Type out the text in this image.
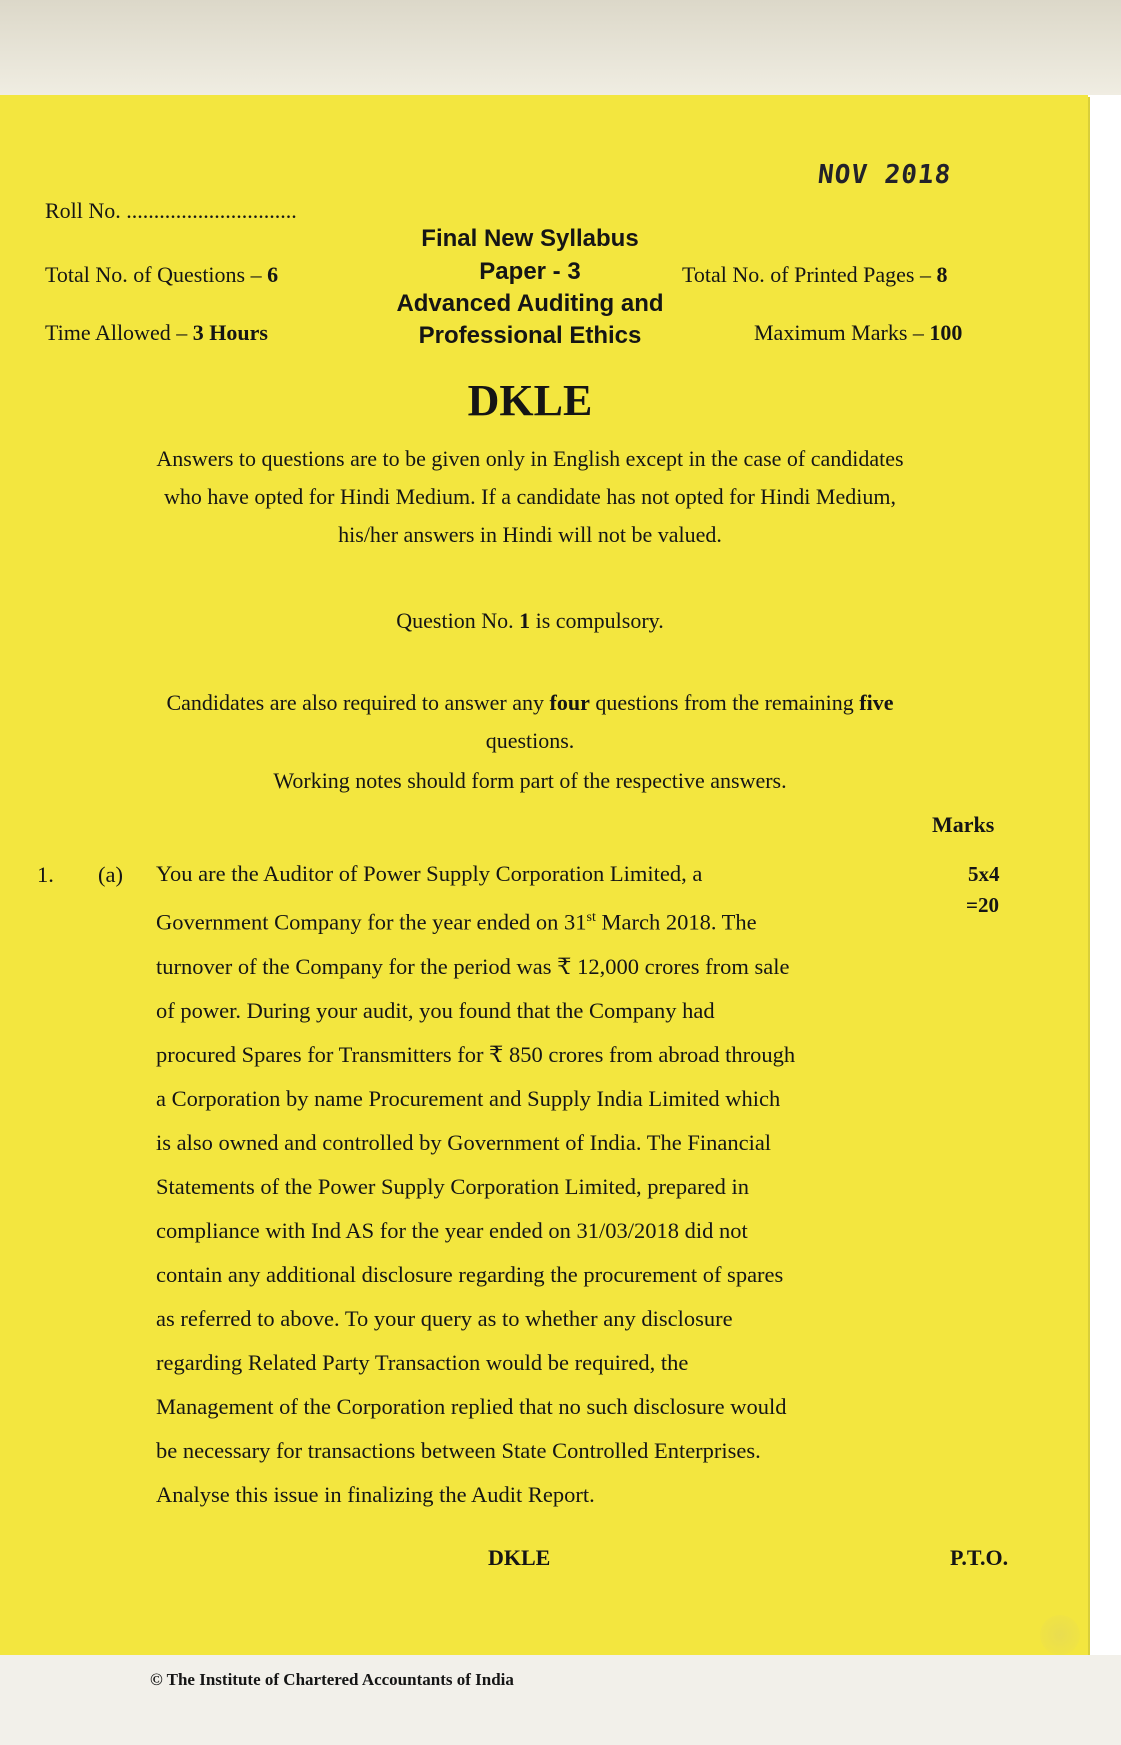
NOV 2018
Roll No. ...............................
Total No. of Questions – 6
Time Allowed – 3 Hours
Final New Syllabus
Paper - 3
Advanced Auditing and
Professional Ethics
Total No. of Printed Pages – 8
Maximum Marks – 100
DKLE
Answers to questions are to be given only in English except in the case of candidates
who have opted for Hindi Medium. If a candidate has not opted for Hindi Medium,
his/her answers in Hindi will not be valued.
Question No. 1 is compulsory.
Candidates are also required to answer any four questions from the remaining five
questions.
Working notes should form part of the respective answers.
Marks
1. (a)	5x4
=20
You are the Auditor of Power Supply Corporation Limited, a
Government Company for the year ended on 31st March 2018. The
turnover of the Company for the period was ₹ 12,000 crores from sale
of power. During your audit, you found that the Company had
procured Spares for Transmitters for ₹ 850 crores from abroad through
a Corporation by name Procurement and Supply India Limited which
is also owned and controlled by Government of India. The Financial
Statements of the Power Supply Corporation Limited, prepared in
compliance with Ind AS for the year ended on 31/03/2018 did not
contain any additional disclosure regarding the procurement of spares
as referred to above. To your query as to whether any disclosure
regarding Related Party Transaction would be required, the
Management of the Corporation replied that no such disclosure would
be necessary for transactions between State Controlled Enterprises.
Analyse this issue in finalizing the Audit Report.
DKLE	P.T.O.
© The Institute of Chartered Accountants of India
